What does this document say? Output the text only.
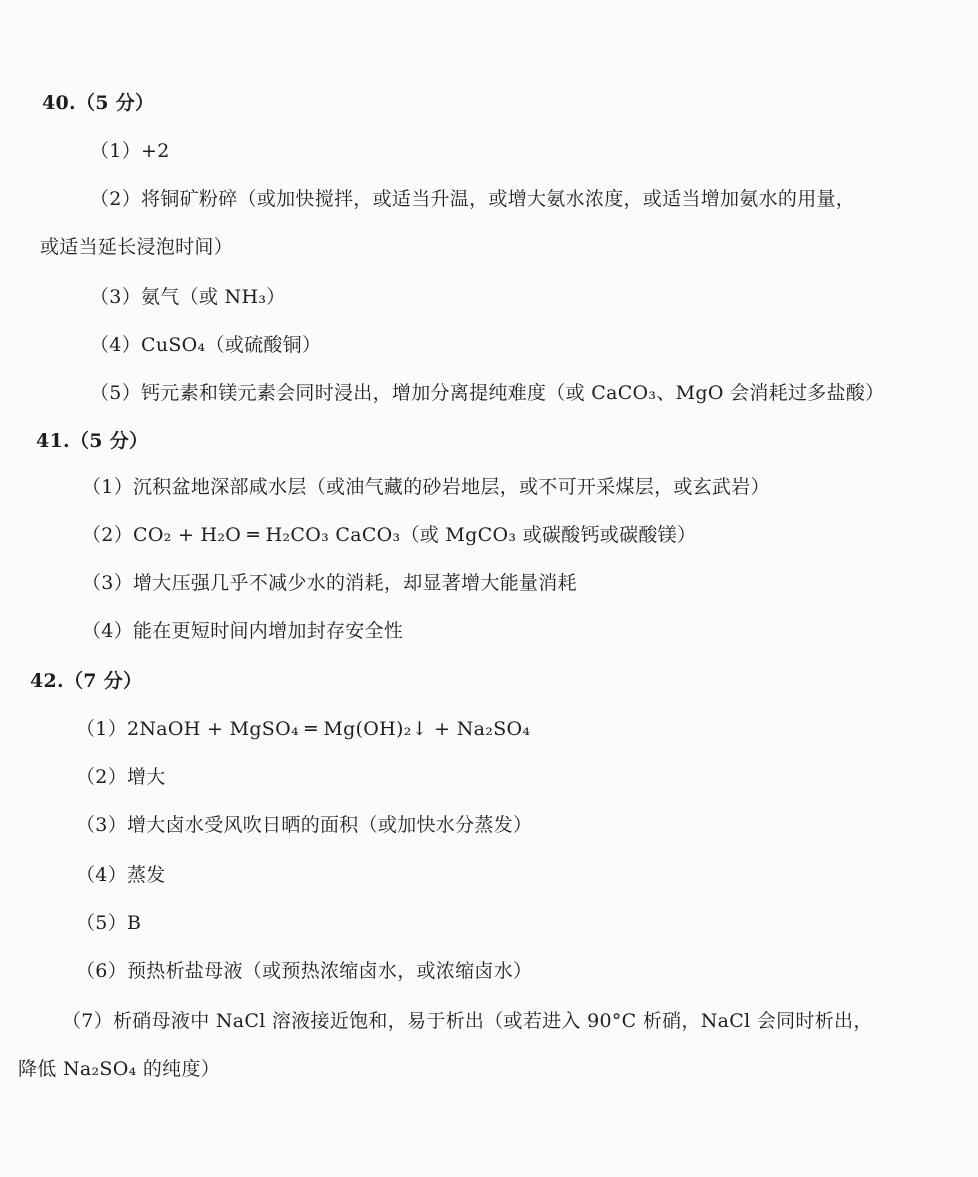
40.（5 分）
（1）+2
（2）将铜矿粉碎（或加快搅拌，或适当升温，或增大氨水浓度，或适当增加氨水的用量，
或适当延长浸泡时间）
（3）氨气（或 NH₃）
（4）CuSO₄（或硫酸铜）
（5）钙元素和镁元素会同时浸出，增加分离提纯难度（或 CaCO₃、MgO 会消耗过多盐酸）
41.（5 分）
（1）沉积盆地深部咸水层（或油气藏的砂岩地层，或不可开采煤层，或玄武岩）
（2）CO₂ + H₂O ═ H₂CO₃ CaCO₃（或 MgCO₃ 或碳酸钙或碳酸镁）
（3）增大压强几乎不减少水的消耗，却显著增大能量消耗
（4）能在更短时间内增加封存安全性
42.（7 分）
（1）2NaOH + MgSO₄ ═ Mg(OH)₂↓ + Na₂SO₄
（2）增大
（3）增大卤水受风吹日晒的面积（或加快水分蒸发）
（4）蒸发
（5）B
（6）预热析盐母液（或预热浓缩卤水，或浓缩卤水）
（7）析硝母液中 NaCl 溶液接近饱和，易于析出（或若进入 90°C 析硝，NaCl 会同时析出，
降低 Na₂SO₄ 的纯度）
